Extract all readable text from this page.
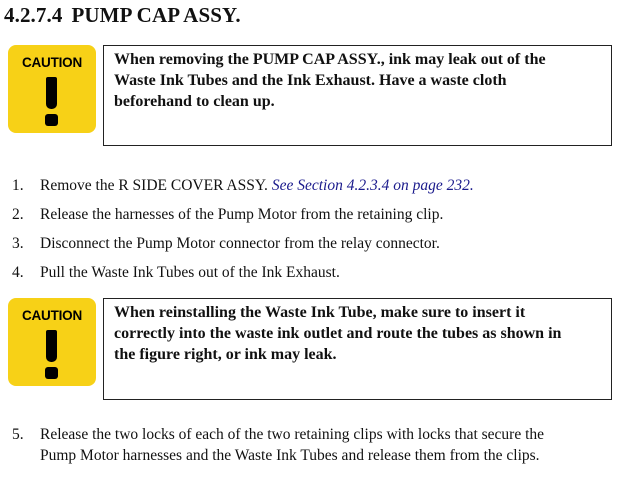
4.2.7.4 PUMP CAP ASSY.
CAUTION	When removing the PUMP CAP ASSY., ink may leak out of the
Waste Ink Tubes and the Ink Exhaust. Have a waste cloth
beforehand to clean up.
1. Remove the R SIDE COVER ASSY. See Section 4.2.3.4 on page 232.
2. Release the harnesses of the Pump Motor from the retaining clip.
3. Disconnect the Pump Motor connector from the relay connector.
4. Pull the Waste Ink Tubes out of the Ink Exhaust.
CAUTION	When reinstalling the Waste Ink Tube, make sure to insert it
correctly into the waste ink outlet and route the tubes as shown in
the figure right, or ink may leak.
5. Release the two locks of each of the two retaining clips with locks that secure the
Pump Motor harnesses and the Waste Ink Tubes and release them from the clips.
